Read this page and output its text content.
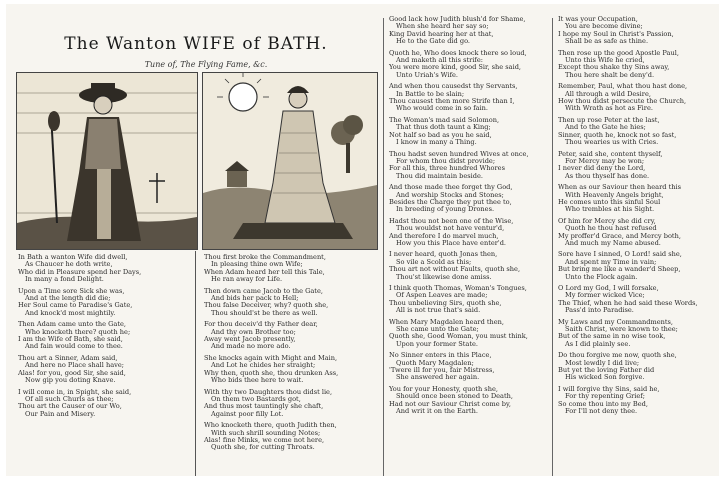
The Wanton WIFE of BATH.
Tune of, The Flying Fame, &c.

In Bath a wanton Wife did dwell,

As Chaucer he doth write,

Who did in Pleasure spend her Days,

In many a fond Delight.

Upon a Time sore Sick she was,

And at the length did die;

Her Soul came to Paradise's Gate,

And knock'd most mightily.

Then Adam came unto the Gate,

Who knocketh there? quoth he;

I am the Wife of Bath, she said,

And fain would come to thee.

Thou art a Sinner, Adam said,

And here no Place shall have;

Alas! for you, good Sir, she said,

Now gip you doting Knave.

I will come in, in Spight, she said,

Of all such Churls as thee;

Thou art the Causer of our Wo,

Our Pain and Misery.

Thou first broke the Commandment,

In pleasing thine own Wife;

When Adam heard her tell this Tale,

He ran away for Life.

Then down came Jacob to the Gate,

And bids her pack to Hell;

Thou false Deceiver, why? quoth she,

Thou should'st be there as well.

For thou deceiv'd thy Father dear,

And thy own Brother too;

Away went Jacob presently,

And made no more ado.

She knocks again with Might and Main,

And Lot he chides her straight;

Why then, quoth she, thou drunken Ass,

Who bids thee here to wait.

With thy two Daughters thou didst lie,

On them two Bastards got,

And thus most tauntingly she chaft,

Against poor filly Lot.

Who knocketh there, quoth Judith then,

With such shrill sounding Notes;

Alas! fine Minks, we come not here,

Quoth she, for cutting Throats.

Good lack how Judith blush'd for Shame,

When she heard her say so;

King David hearing her at that,

He to the Gate did go.

Quoth he, Who does knock there so loud,

And maketh all this strife:

You were more kind, good Sir, she said,

Unto Uriah's Wife.

And when thou causedst thy Servants,

In Battle to be slain;

Thou causest then more Strife than I,

Who would come in so fain.

The Woman's mad said Solomon,

That thus doth taunt a King;

Not half so bad as you he said,

I know in many a Thing.

Thou hadst seven hundred Wives at once,

For whom thou didst provide;

For all this, three hundred Whores

Thou did maintain beside.

And those made thee forget thy God,

And worship Stocks and Stones;

Besides the Charge they put thee to,

In breeding of young Drones.

Hadst thou not been one of the Wise,

Thou wouldst not have ventur'd,

And therefore I do marvel much,

How you this Place have enter'd.

I never heard, quoth Jonas then,

So vile a Scold as this;

Thou art not without Faults, quoth she,

Thou'st likewise done amiss.

I think quoth Thomas, Woman's Tongues,

Of Aspen Leaves are made;

Thou unbelieving Sirs, quoth she,

All is not true that's said.

When Mary Magdalen heard then,

She came unto the Gate;

Quoth she, Good Woman, you must think,

Upon your former State.

No Sinner enters in this Place,

Quoth Mary Magdalen;

'Twere ill for you, fair Mistress,

She answered her again.

You for your Honesty, quoth she,

Should once been stoned to Death,

Had not our Saviour Christ come by,

And writ it on the Earth.

It was your Occupation,

You are become divine;

I hope my Soul in Christ's Passion,

Shall be as safe as thine.

Then rose up the good Apostle Paul,

Unto this Wife he cried,

Except thou shake thy Sins away,

Thou here shalt be deny'd.

Remember, Paul, what thou hast done,

All through a wild Desire,

How thou didst persecute the Church,

With Wrath as hot as Fire.

Then up rose Peter at the last,

And to the Gate he hies;

Sinner, quoth he, knock not so fast,

Thou wearies us with Cries.

Peter, said she, content thyself,

For Mercy may be won;

I never did deny the Lord,

As thou thyself has done.

When as our Saviour then heard this

With Heavenly Angels bright,

He comes unto this sinful Soul

Who trembles at his Sight.

Of him for Mercy she did cry,

Quoth he thou hast refused

My proffer'd Grace, and Mercy both,

And much my Name abused.

Sore have I sinned, O Lord! said she,

And spent my Time in vain;

But bring me like a wander'd Sheep,

Unto the Flock again.

O Lord my God, I will forsake,

My former wicked Vice;

The Thief, when he had said these Words,

Pass'd into Paradise.

My Laws and my Commandments,

Saith Christ, were known to thee;

But of the same in no wise took,

As I did plainly see.

Do thou forgive me now, quoth she,

Most lewdly I did live;

But yet the loving Father did

His wicked Son forgive.

I will forgive thy Sins, said he,

For thy repenting Grief;

So come thou into my Bed,

For I'll not deny thee.
